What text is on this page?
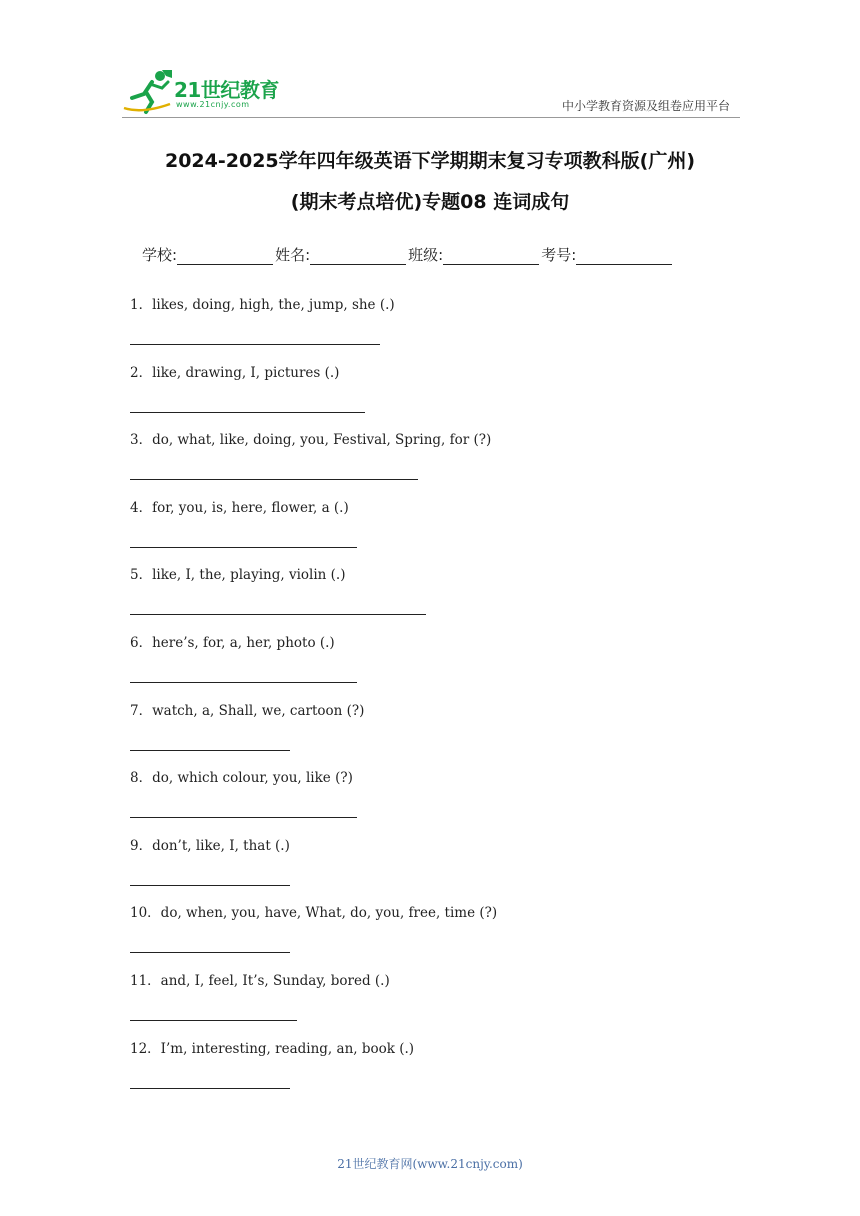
21世纪教育
www.21cnjy.com	中小学教育资源及组卷应用平台
2024-2025学年四年级英语下学期期末复习专项教科版(广州)
(期末考点培优)专题08 连词成句
学校:	姓名:	班级:	考号:
1．likes, doing, high, the, jump, she (.)
2．like, drawing, I, pictures (.)
3．do, what, like, doing, you, Festival, Spring, for (?)
4．for, you, is, here, flower, a (.)
5．like, I, the, playing, violin (.)
6．here’s, for, a, her, photo (.)
7．watch, a, Shall, we, cartoon (?)
8．do, which colour, you, like (?)
9．don’t, like, I, that (.)
10．do, when, you, have, What, do, you, free, time (?)
11．and, I, feel, It’s, Sunday, bored (.)
12．I’m, interesting, reading, an, book (.)
21世纪教育网(www.21cnjy.com)
